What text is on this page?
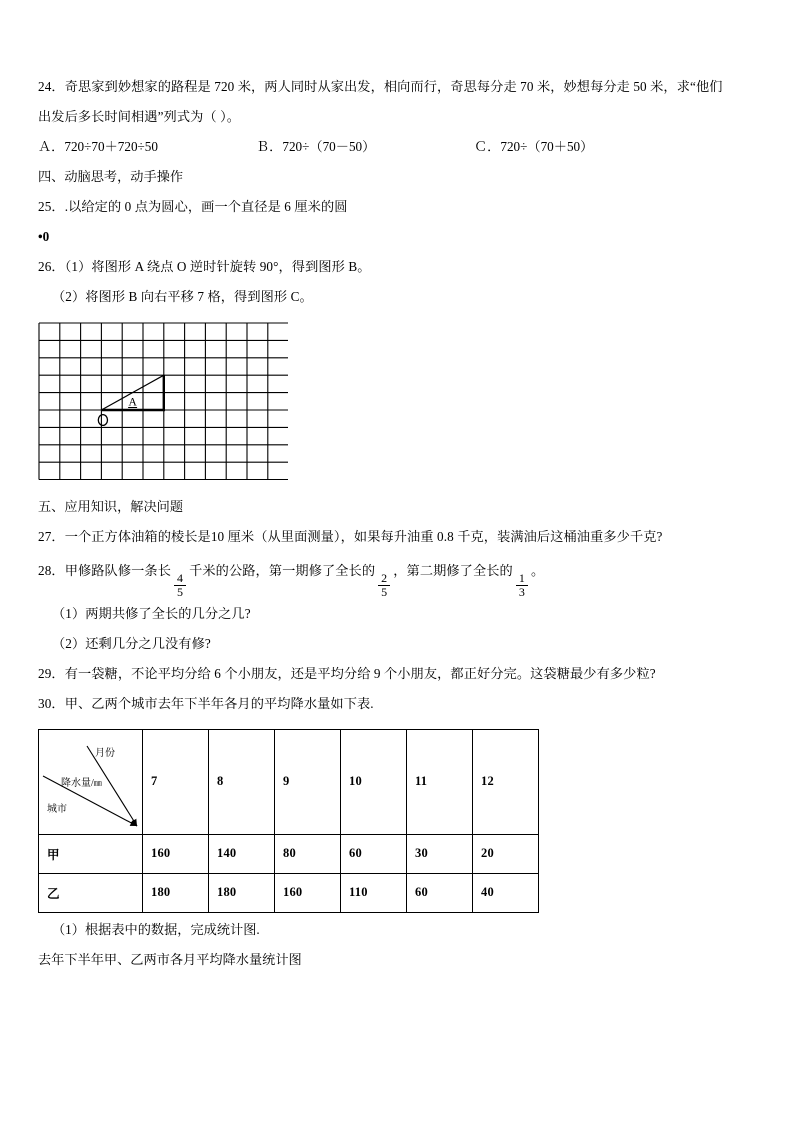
24．奇思家到妙想家的路程是 720 米，两人同时从家出发，相向而行，奇思每分走 70 米，妙想每分走 50 米，求“他们
出发后多长时间相遇”列式为（ ）。
Ａ．720÷70＋720÷50	Ｂ．720÷（70－50）	Ｃ．720÷（70＋50）
四、动脑思考，动手操作
25．.以给定的 0 点为圆心，画一个直径是 6 厘米的圆
•0
26．（1）将图形 A 绕点 O 逆时针旋转 90°，得到图形 B。
（2）将图形 B 向右平移 7 格，得到图形 C。
A
五、应用知识，解决问题
27．一个正方体油箱的棱长是10 厘米（从里面测量），如果每升油重 0.8 千克，装满油后这桶油重多少千克?
28．甲修路队修一条长
$\frac{4}{5}$
千米的公路，第一期修了全长的
$\frac{2}{5}$
，第二期修了全长的
$\frac{1}{3}$
。
（1）两期共修了全长的几分之几?
（2）还剩几分之几没有修?
29．有一袋糖，不论平均分给 6 个小朋友，还是平均分给 9 个小朋友，都正好分完。这袋糖最少有多少粒?
30．甲、乙两个城市去年下半年各月的平均降水量如下表.
月份
降水量/㎜
城市	7	8	9	10	11	12
甲	160	140	80	60	30	20
乙	180	180	160	110	60	40
（1）根据表中的数据，完成统计图.
去年下半年甲、乙两市各月平均降水量统计图
